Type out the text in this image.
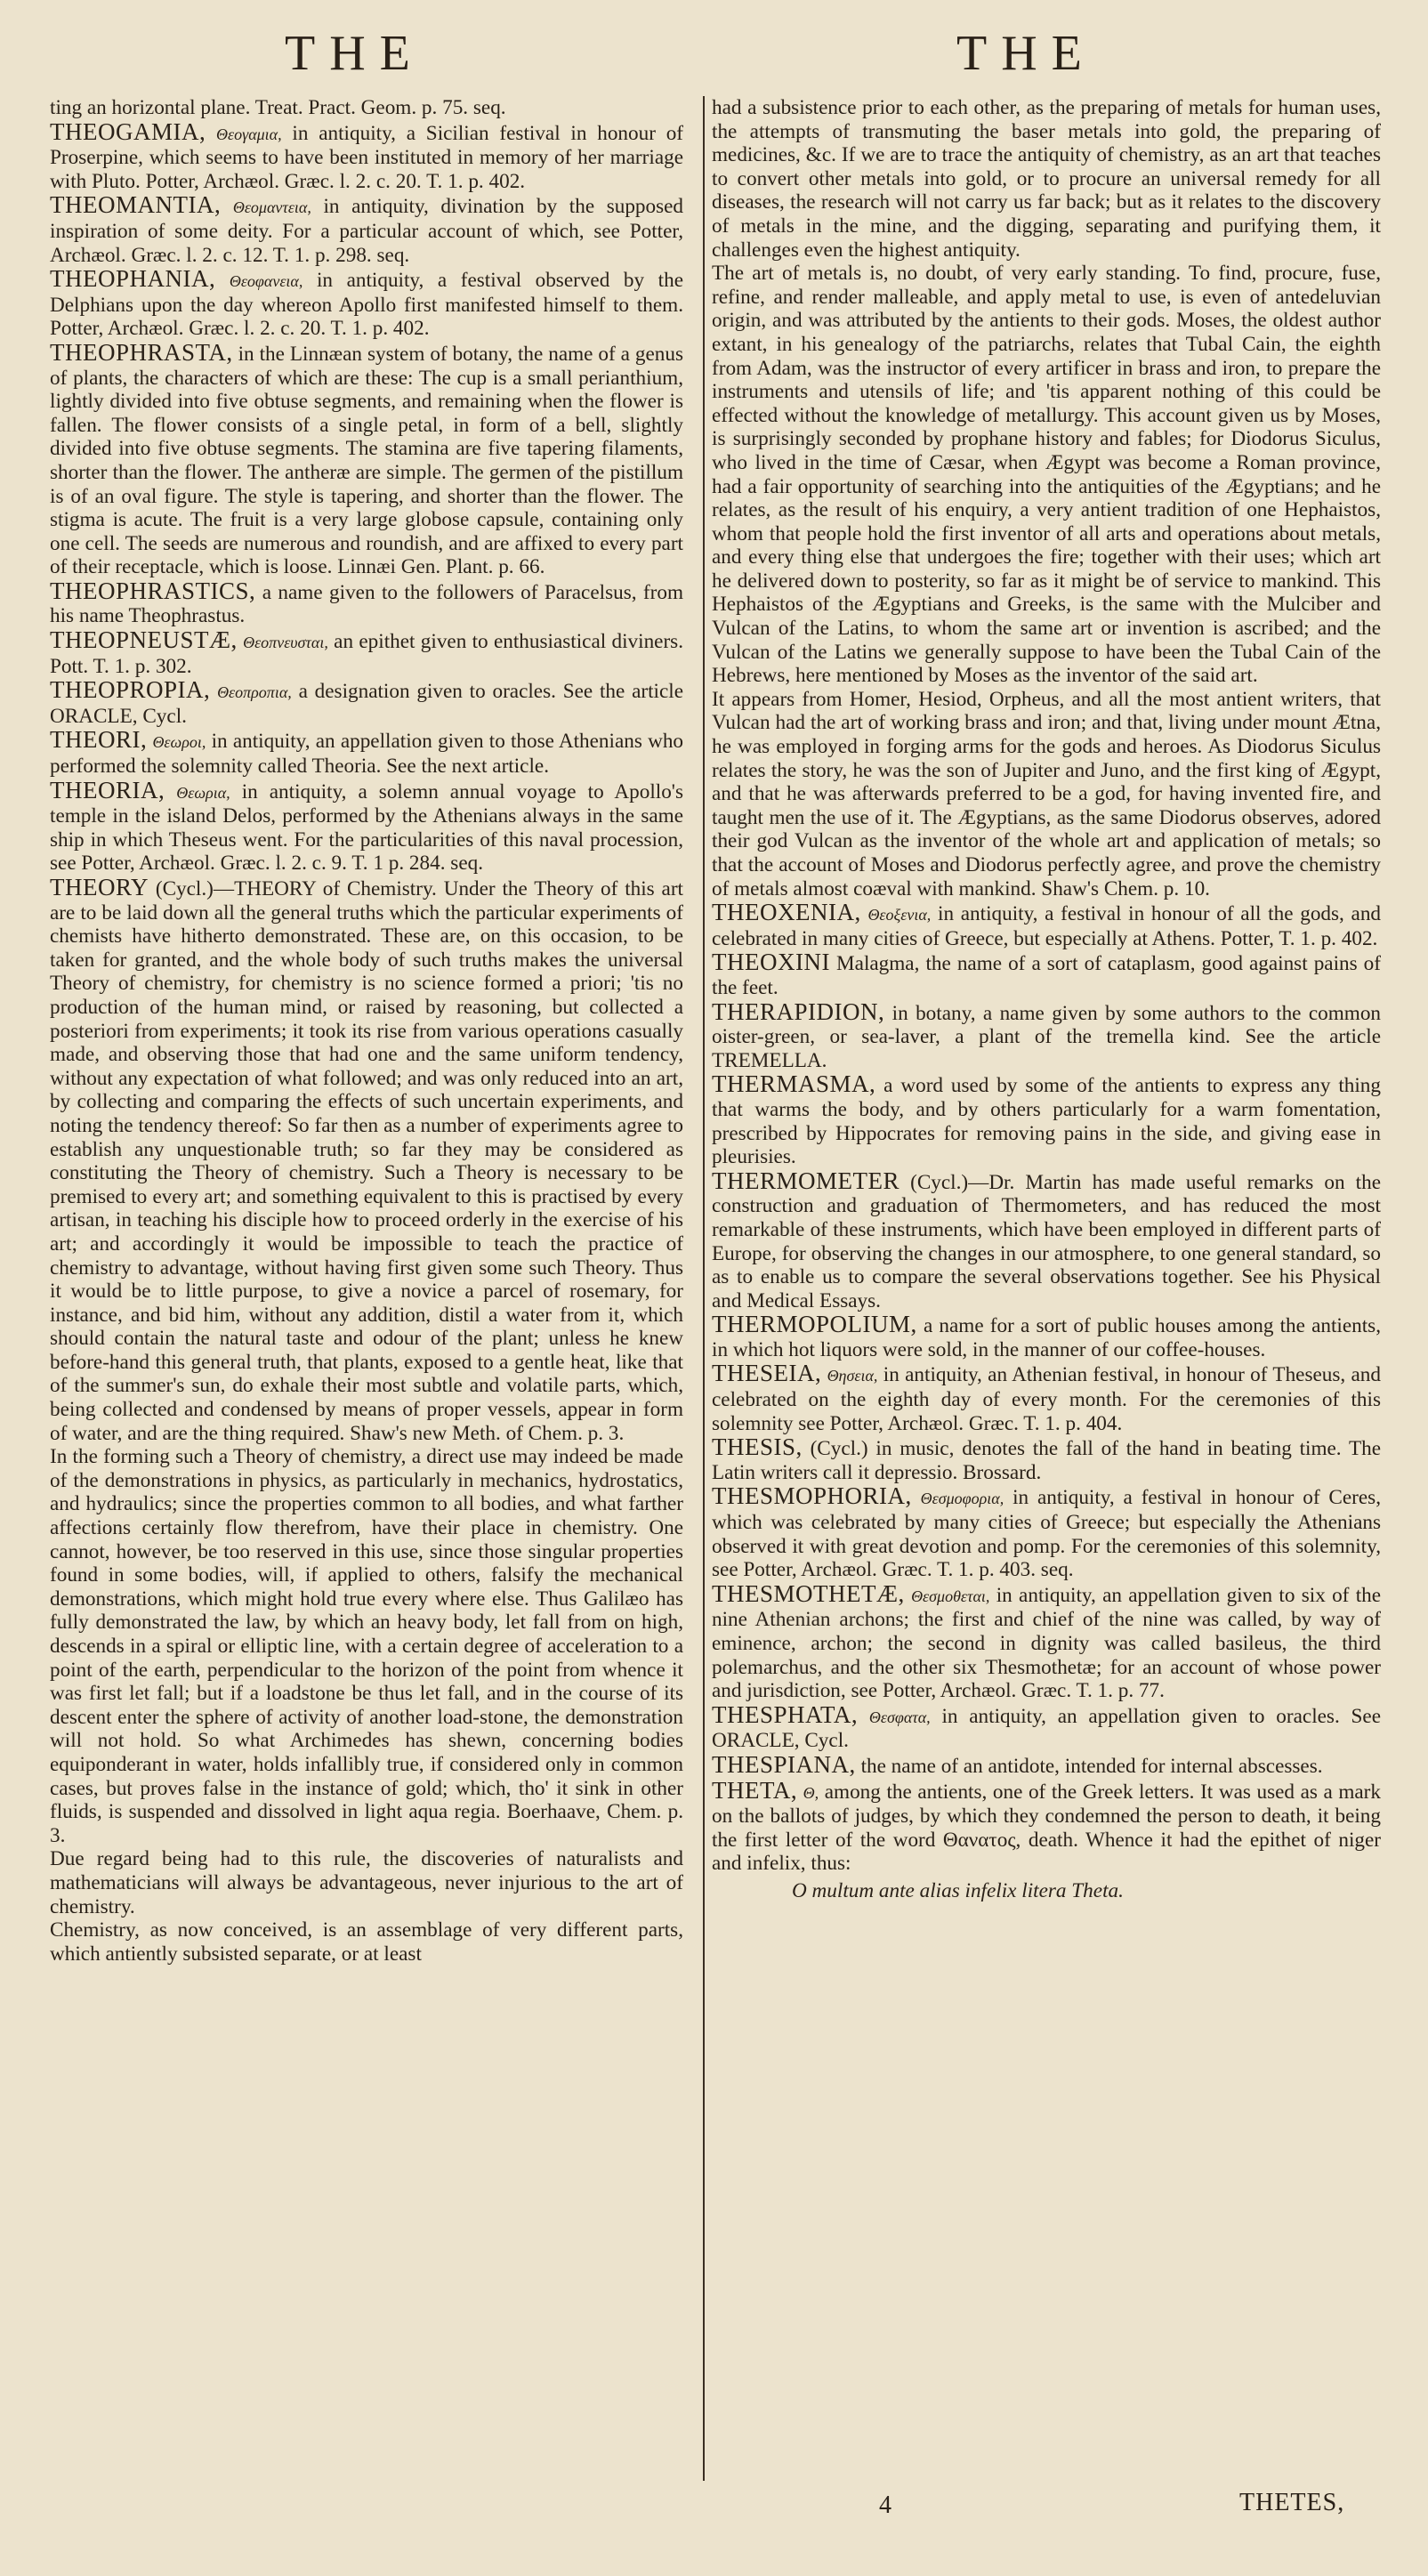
THE	THE

ting an horizontal plane. Treat. Pract. Geom. p. 75. seq.

THEOGAMIA, Θεογαμια, in antiquity, a Sicilian festival in honour of Proserpine, which seems to have been instituted in memory of her marriage with Pluto. Potter, Archæol. Græc. l. 2. c. 20. T. 1. p. 402.

THEOMANTIA, Θεομαντεια, in antiquity, divination by the supposed inspiration of some deity. For a particular account of which, see Potter, Archæol. Græc. l. 2. c. 12. T. 1. p. 298. seq.

THEOPHANIA, Θεοφανεια, in antiquity, a festival observed by the Delphians upon the day whereon Apollo first manifested himself to them. Potter, Archæol. Græc. l. 2. c. 20. T. 1. p. 402.

THEOPHRASTA, in the Linnæan system of botany, the name of a genus of plants, the characters of which are these: The cup is a small perianthium, lightly divided into five obtuse segments, and remaining when the flower is fallen. The flower consists of a single petal, in form of a bell, slightly divided into five obtuse segments. The stamina are five tapering filaments, shorter than the flower. The antheræ are simple. The germen of the pistillum is of an oval figure. The style is tapering, and shorter than the flower. The stigma is acute. The fruit is a very large globose capsule, containing only one cell. The seeds are numerous and roundish, and are affixed to every part of their receptacle, which is loose. Linnæi Gen. Plant. p. 66.

THEOPHRASTICS, a name given to the followers of Paracelsus, from his name Theophrastus.

THEOPNEUSTÆ, Θεοπνευσται, an epithet given to enthusiastical diviners. Pott. T. 1. p. 302.

THEOPROPIA, Θεοπροπια, a designation given to oracles. See the article ORACLE, Cycl.

THEORI, Θεωροι, in antiquity, an appellation given to those Athenians who performed the solemnity called Theoria. See the next article.

THEORIA, Θεωρια, in antiquity, a solemn annual voyage to Apollo's temple in the island Delos, performed by the Athenians always in the same ship in which Theseus went. For the particularities of this naval procession, see Potter, Archæol. Græc. l. 2. c. 9. T. 1 p. 284. seq.

THEORY (Cycl.)—THEORY of Chemistry. Under the Theory of this art are to be laid down all the general truths which the particular experiments of chemists have hitherto demonstrated. These are, on this occasion, to be taken for granted, and the whole body of such truths makes the universal Theory of chemistry, for chemistry is no science formed a priori; 'tis no production of the human mind, or raised by reasoning, but collected a posteriori from experiments; it took its rise from various operations casually made, and observing those that had one and the same uniform tendency, without any expectation of what followed; and was only reduced into an art, by collecting and comparing the effects of such uncertain experiments, and noting the tendency thereof: So far then as a number of experiments agree to establish any unquestionable truth; so far they may be considered as constituting the Theory of chemistry. Such a Theory is necessary to be premised to every art; and something equivalent to this is practised by every artisan, in teaching his disciple how to proceed orderly in the exercise of his art; and accordingly it would be impossible to teach the practice of chemistry to advantage, without having first given some such Theory. Thus it would be to little purpose, to give a novice a parcel of rosemary, for instance, and bid him, without any addition, distil a water from it, which should contain the natural taste and odour of the plant; unless he knew before-hand this general truth, that plants, exposed to a gentle heat, like that of the summer's sun, do exhale their most subtle and volatile parts, which, being collected and condensed by means of proper vessels, appear in form of water, and are the thing required. Shaw's new Meth. of Chem. p. 3.

In the forming such a Theory of chemistry, a direct use may indeed be made of the demonstrations in physics, as particularly in mechanics, hydrostatics, and hydraulics; since the properties common to all bodies, and what farther affections certainly flow therefrom, have their place in chemistry. One cannot, however, be too reserved in this use, since those singular properties found in some bodies, will, if applied to others, falsify the mechanical demonstrations, which might hold true every where else. Thus Galilæo has fully demonstrated the law, by which an heavy body, let fall from on high, descends in a spiral or elliptic line, with a certain degree of acceleration to a point of the earth, perpendicular to the horizon of the point from whence it was first let fall; but if a loadstone be thus let fall, and in the course of its descent enter the sphere of activity of another load-stone, the demonstration will not hold. So what Archimedes has shewn, concerning bodies equiponderant in water, holds infallibly true, if considered only in common cases, but proves false in the instance of gold; which, tho' it sink in other fluids, is suspended and dissolved in light aqua regia. Boerhaave, Chem. p. 3.

Due regard being had to this rule, the discoveries of naturalists and mathematicians will always be advantageous, never injurious to the art of chemistry.

Chemistry, as now conceived, is an assemblage of very different parts, which antiently subsisted separate, or at least

had a subsistence prior to each other, as the preparing of metals for human uses, the attempts of transmuting the baser metals into gold, the preparing of medicines, &c. If we are to trace the antiquity of chemistry, as an art that teaches to convert other metals into gold, or to procure an universal remedy for all diseases, the research will not carry us far back; but as it relates to the discovery of metals in the mine, and the digging, separating and purifying them, it challenges even the highest antiquity.

The art of metals is, no doubt, of very early standing. To find, procure, fuse, refine, and render malleable, and apply metal to use, is even of antedeluvian origin, and was attributed by the antients to their gods. Moses, the oldest author extant, in his genealogy of the patriarchs, relates that Tubal Cain, the eighth from Adam, was the instructor of every artificer in brass and iron, to prepare the instruments and utensils of life; and 'tis apparent nothing of this could be effected without the knowledge of metallurgy. This account given us by Moses, is surprisingly seconded by prophane history and fables; for Diodorus Siculus, who lived in the time of Cæsar, when Ægypt was become a Roman province, had a fair opportunity of searching into the antiquities of the Ægyptians; and he relates, as the result of his enquiry, a very antient tradition of one Hephaistos, whom that people hold the first inventor of all arts and operations about metals, and every thing else that undergoes the fire; together with their uses; which art he delivered down to posterity, so far as it might be of service to mankind. This Hephaistos of the Ægyptians and Greeks, is the same with the Mulciber and Vulcan of the Latins, to whom the same art or invention is ascribed; and the Vulcan of the Latins we generally suppose to have been the Tubal Cain of the Hebrews, here mentioned by Moses as the inventor of the said art.

It appears from Homer, Hesiod, Orpheus, and all the most antient writers, that Vulcan had the art of working brass and iron; and that, living under mount Ætna, he was employed in forging arms for the gods and heroes. As Diodorus Siculus relates the story, he was the son of Jupiter and Juno, and the first king of Ægypt, and that he was afterwards preferred to be a god, for having invented fire, and taught men the use of it. The Ægyptians, as the same Diodorus observes, adored their god Vulcan as the inventor of the whole art and application of metals; so that the account of Moses and Diodorus perfectly agree, and prove the chemistry of metals almost coæval with mankind. Shaw's Chem. p. 10.

THEOXENIA, Θεοξενια, in antiquity, a festival in honour of all the gods, and celebrated in many cities of Greece, but especially at Athens. Potter, T. 1. p. 402.

THEOXINI Malagma, the name of a sort of cataplasm, good against pains of the feet.

THERAPIDION, in botany, a name given by some authors to the common oister-green, or sea-laver, a plant of the tremella kind. See the article TREMELLA.

THERMASMA, a word used by some of the antients to express any thing that warms the body, and by others particularly for a warm fomentation, prescribed by Hippocrates for removing pains in the side, and giving ease in pleurisies.

THERMOMETER (Cycl.)—Dr. Martin has made useful remarks on the construction and graduation of Thermometers, and has reduced the most remarkable of these instruments, which have been employed in different parts of Europe, for observing the changes in our atmosphere, to one general standard, so as to enable us to compare the several observations together. See his Physical and Medical Essays.

THERMOPOLIUM, a name for a sort of public houses among the antients, in which hot liquors were sold, in the manner of our coffee-houses.

THESEIA, Θησεια, in antiquity, an Athenian festival, in honour of Theseus, and celebrated on the eighth day of every month. For the ceremonies of this solemnity see Potter, Archæol. Græc. T. 1. p. 404.

THESIS, (Cycl.) in music, denotes the fall of the hand in beating time. The Latin writers call it depressio. Brossard.

THESMOPHORIA, Θεσμοφορια, in antiquity, a festival in honour of Ceres, which was celebrated by many cities of Greece; but especially the Athenians observed it with great devotion and pomp. For the ceremonies of this solemnity, see Potter, Archæol. Græc. T. 1. p. 403. seq.

THESMOTHETÆ, Θεσμοθεται, in antiquity, an appellation given to six of the nine Athenian archons; the first and chief of the nine was called, by way of eminence, archon; the second in dignity was called basileus, the third polemarchus, and the other six Thesmothetæ; for an account of whose power and jurisdiction, see Potter, Archæol. Græc. T. 1. p. 77.

THESPHATA, Θεσφατα, in antiquity, an appellation given to oracles. See ORACLE, Cycl.

THESPIANA, the name of an antidote, intended for internal abscesses.

THETA, Θ, among the antients, one of the Greek letters. It was used as a mark on the ballots of judges, by which they condemned the person to death, it being the first letter of the word Θανατος, death. Whence it had the epithet of niger and infelix, thus:

O multum ante alias infelix litera Theta.

4	THETES,
